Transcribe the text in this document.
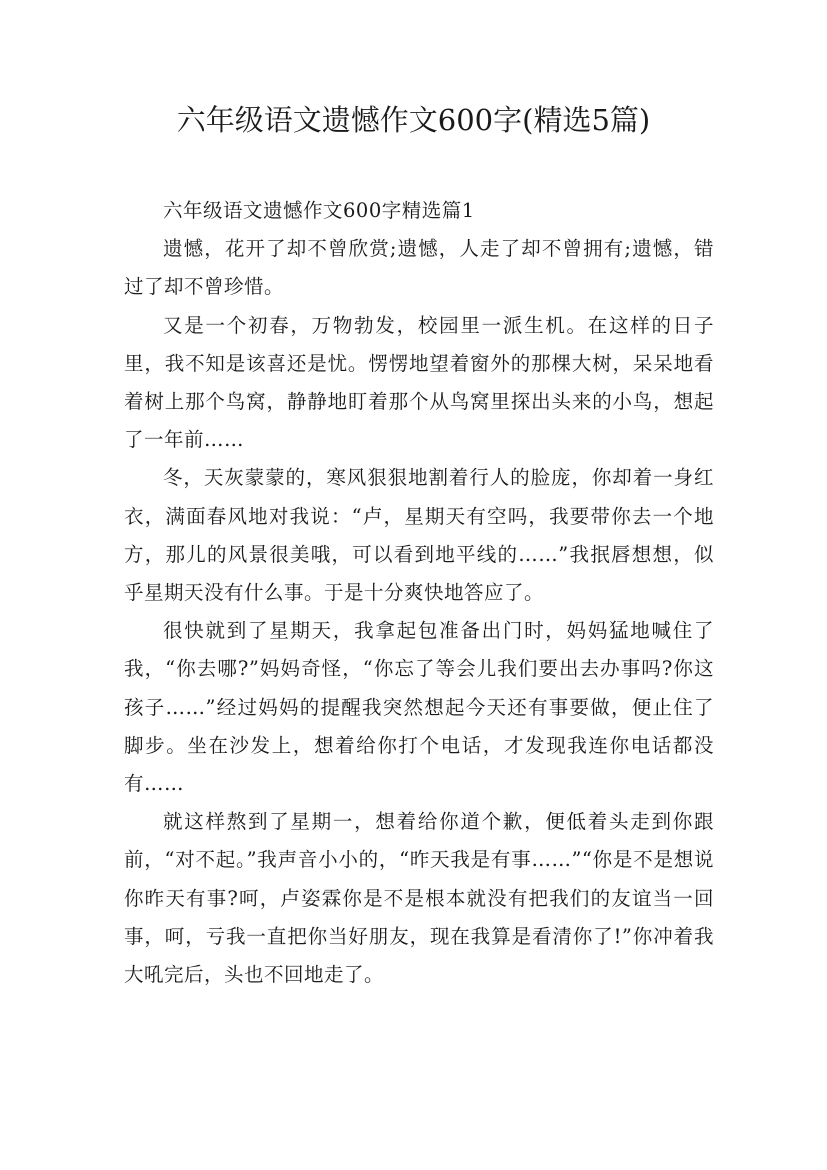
六年级语文遗憾作文600字(精选5篇)
六年级语文遗憾作文600字精选篇1

遗憾，花开了却不曾欣赏;遗憾，人走了却不曾拥有;遗憾，错过了却不曾珍惜。

又是一个初春，万物勃发，校园里一派生机。在这样的日子里，我不知是该喜还是忧。愣愣地望着窗外的那棵大树，呆呆地看着树上那个鸟窝，静静地盯着那个从鸟窝里探出头来的小鸟，想起了一年前……

冬，天灰蒙蒙的，寒风狠狠地割着行人的脸庞，你却着一身红衣，满面春风地对我说：“卢，星期天有空吗，我要带你去一个地方，那儿的风景很美哦，可以看到地平线的……”我抿唇想想，似乎星期天没有什么事。于是十分爽快地答应了。

很快就到了星期天，我拿起包准备出门时，妈妈猛地喊住了我，“你去哪?”妈妈奇怪，“你忘了等会儿我们要出去办事吗?你这孩子……”经过妈妈的提醒我突然想起今天还有事要做，便止住了脚步。坐在沙发上，想着给你打个电话，才发现我连你电话都没有……

就这样熬到了星期一，想着给你道个歉，便低着头走到你跟前，“对不起。”我声音小小的，“昨天我是有事……”“你是不是想说你昨天有事?呵，卢姿霖你是不是根本就没有把我们的友谊当一回事，呵，亏我一直把你当好朋友，现在我算是看清你了!”你冲着我大吼完后，头也不回地走了。
